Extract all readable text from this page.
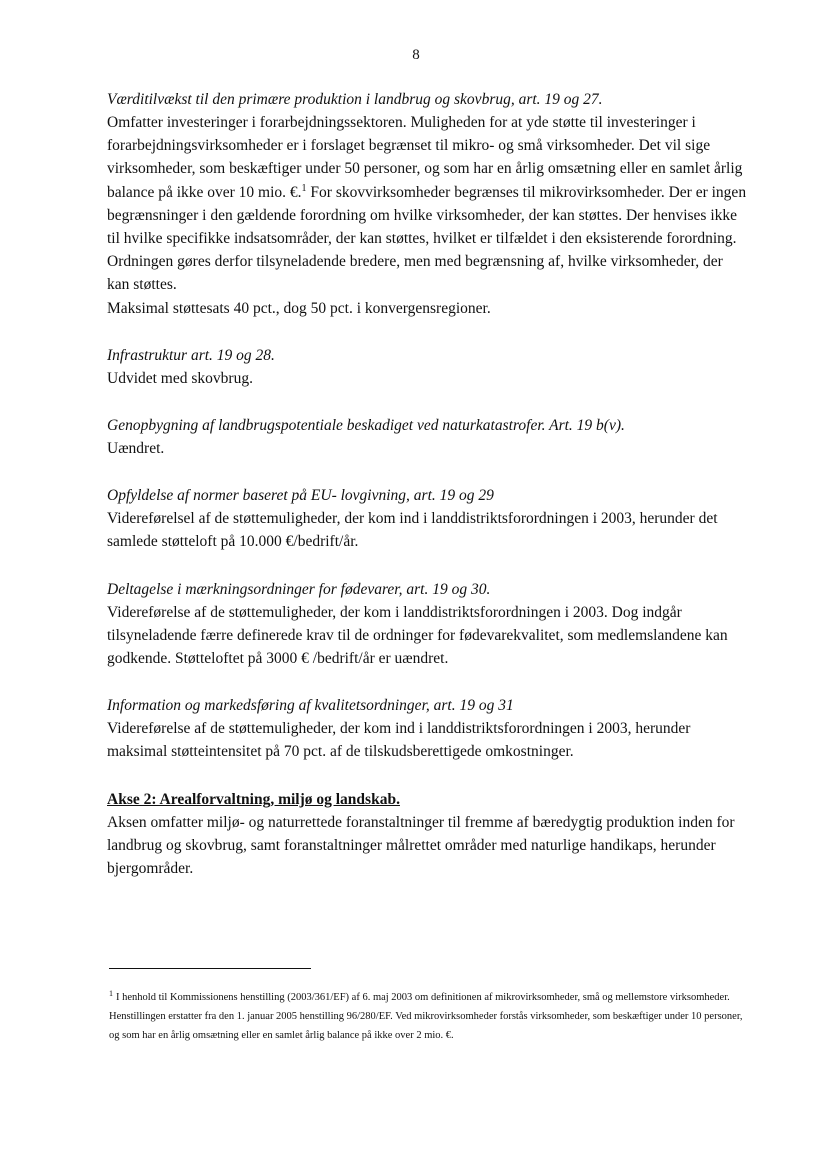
8

Værditilvækst til den primære produktion i landbrug og skovbrug, art. 19 og 27.

Omfatter investeringer i forarbejdningssektoren. Muligheden for at yde støtte til investeringer i forarbejdningsvirksomheder er i forslaget begrænset til mikro- og små virksomheder. Det vil sige virksomheder, som beskæftiger under 50 personer, og som har en årlig omsætning eller en samlet årlig balance på ikke over 10 mio. €.$^1$ For skovvirksomheder begrænses til mikrovirksomheder. Der er ingen begrænsninger i den gældende forordning om hvilke virksomheder, der kan støttes. Der henvises ikke til hvilke specifikke indsatsområder, der kan støttes, hvilket er tilfældet i den eksisterende forordning. Ordningen gøres derfor tilsyneladende bredere, men med begrænsning af, hvilke virksomheder, der kan støttes.

Maksimal støttesats 40 pct., dog 50 pct. i konvergensregioner.

Infrastruktur art. 19 og 28.

Udvidet med skovbrug.

Genopbygning af landbrugspotentiale beskadiget ved naturkatastrofer. Art. 19 b(v).

Uændret.

Opfyldelse af normer baseret på EU- lovgivning, art. 19 og 29

Videreførelsel af de støttemuligheder, der kom ind i landdistriktsforordningen i 2003, herunder det samlede støtteloft på 10.000 €/bedrift/år.

Deltagelse i mærkningsordninger for fødevarer, art. 19 og 30.

Videreførelse af de støttemuligheder, der kom i landdistriktsforordningen i 2003. Dog indgår tilsyneladende færre definerede krav til de ordninger for fødevarekvalitet, som medlemslandene kan godkende. Støtteloftet på 3000 € /bedrift/år er uændret.

Information og markedsføring af kvalitetsordninger, art. 19 og 31

Videreførelse af de støttemuligheder, der kom ind i landdistriktsforordningen i 2003, herunder maksimal støtteintensitet på 70 pct. af de tilskudsberettigede omkostninger.

Akse 2: Arealforvaltning, miljø og landskab.

Aksen omfatter miljø- og naturrettede foranstaltninger til fremme af bæredygtig produktion inden for landbrug og skovbrug, samt foranstaltninger målrettet områder med naturlige handikaps, herunder bjergområder.

$^1$ I henhold til Kommissionens henstilling (2003/361/EF) af 6. maj 2003 om definitionen af mikrovirksomheder, små og mellemstore virksomheder. Henstillingen erstatter fra den 1. januar 2005 henstilling 96/280/EF. Ved mikrovirksomheder forstås virksomheder, som beskæftiger under 10 personer, og som har en årlig omsætning eller en samlet årlig balance på ikke over 2 mio. €.
